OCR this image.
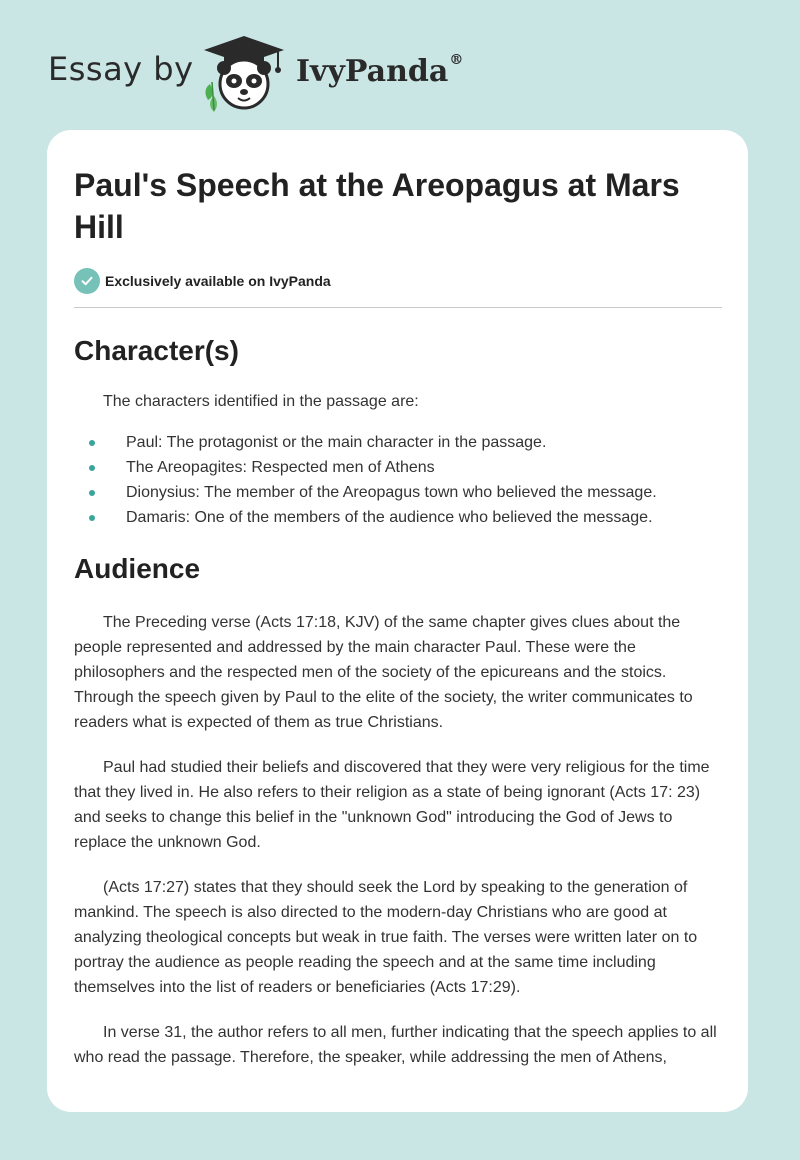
Essay by	IvyPanda®
Paul's Speech at the Areopagus at Mars Hill
Exclusively available on IvyPanda
Character(s)

The characters identified in the passage are:

Paul: The protagonist or the main character in the passage.
The Areopagites: Respected men of Athens
Dionysius: The member of the Areopagus town who believed the message.
Damaris: One of the members of the audience who believed the message.
Audience

The Preceding verse (Acts 17:18, KJV) of the same chapter gives clues about the people represented and addressed by the main character Paul. These were the philosophers and the respected men of the society of the epicureans and the stoics. Through the speech given by Paul to the elite of the society, the writer communicates to readers what is expected of them as true Christians.

Paul had studied their beliefs and discovered that they were very religious for the time that they lived in. He also refers to their religion as a state of being ignorant (Acts 17: 23) and seeks to change this belief in the "unknown God" introducing the God of Jews to replace the unknown God.

(Acts 17:27) states that they should seek the Lord by speaking to the generation of mankind. The speech is also directed to the modern-day Christians who are good at analyzing theological concepts but weak in true faith. The verses were written later on to portray the audience as people reading the speech and at the same time including themselves into the list of readers or beneficiaries (Acts 17:29).

In verse 31, the author refers to all men, further indicating that the speech applies to all who read the passage. Therefore, the speaker, while addressing the men of Athens,
